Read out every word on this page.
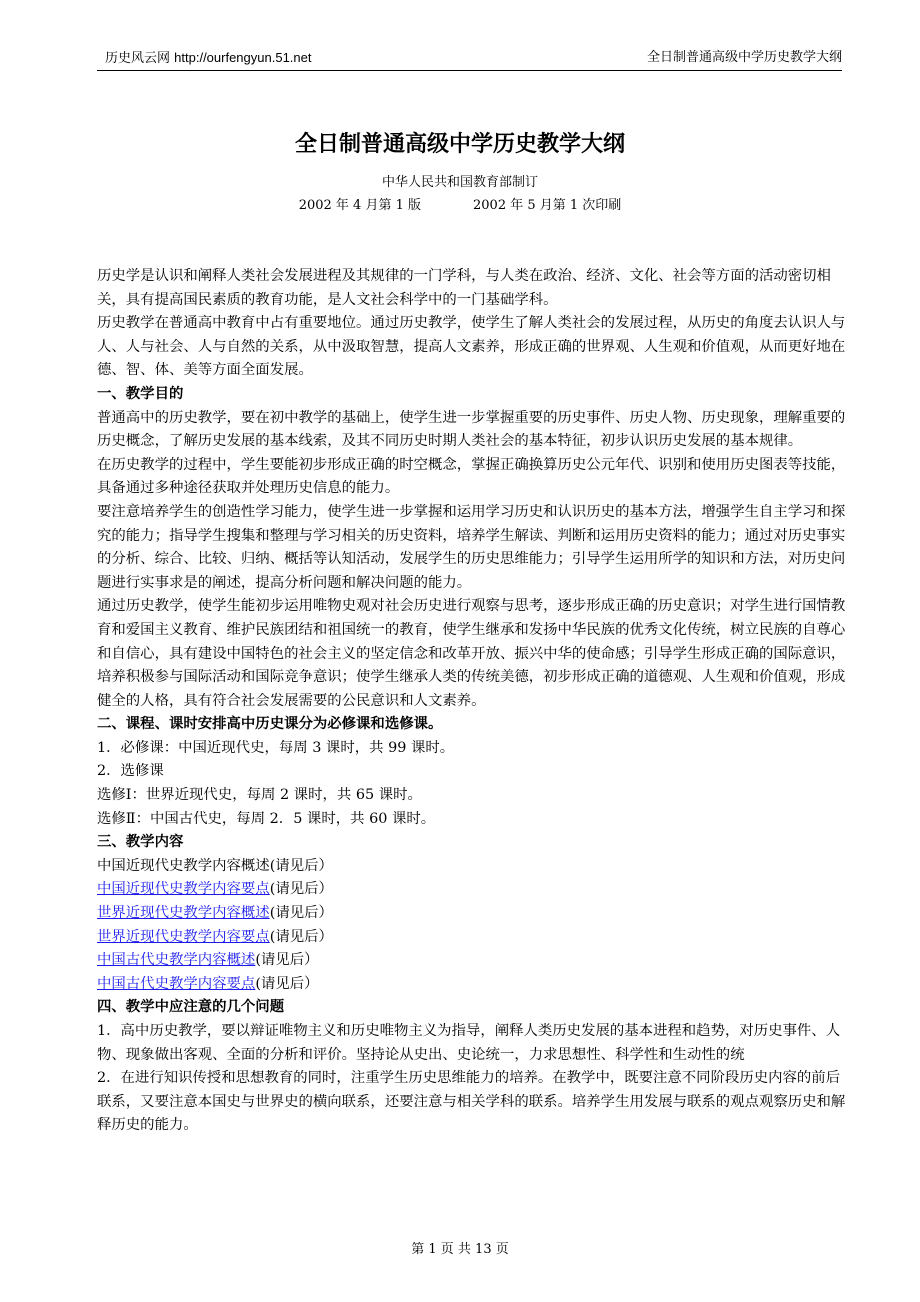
历史风云网 http://ourfengyun.51.net	全日制普通高级中学历史教学大纲
全日制普通高级中学历史教学大纲
中华人民共和国教育部制订
2002 年 4 月第 1 版	2002 年 5 月第 1 次印刷

历史学是认识和阐释人类社会发展进程及其规律的一门学科，与人类在政治、经济、文化、社会等方面的活动密切相关，具有提高国民素质的教育功能，是人文社会科学中的一门基础学科。

历史教学在普通高中教育中占有重要地位。通过历史教学，使学生了解人类社会的发展过程，从历史的角度去认识人与人、人与社会、人与自然的关系，从中汲取智慧，提高人文素养，形成正确的世界观、人生观和价值观，从而更好地在德、智、体、美等方面全面发展。

一、教学目的

普通高中的历史教学，要在初中教学的基础上，使学生进一步掌握重要的历史事件、历史人物、历史现象，理解重要的历史概念，了解历史发展的基本线索，及其不同历史时期人类社会的基本特征，初步认识历史发展的基本规律。

在历史教学的过程中，学生要能初步形成正确的时空概念，掌握正确换算历史公元年代、识别和使用历史图表等技能，具备通过多种途径获取并处理历史信息的能力。

要注意培养学生的创造性学习能力，使学生进一步掌握和运用学习历史和认识历史的基本方法，增强学生自主学习和探究的能力；指导学生搜集和整理与学习相关的历史资料，培养学生解读、判断和运用历史资料的能力；通过对历史事实的分析、综合、比较、归纳、概括等认知活动，发展学生的历史思维能力；引导学生运用所学的知识和方法，对历史问题进行实事求是的阐述，提高分析问题和解决问题的能力。

通过历史教学，使学生能初步运用唯物史观对社会历史进行观察与思考，逐步形成正确的历史意识；对学生进行国情教育和爱国主义教育、维护民族团结和祖国统一的教育，使学生继承和发扬中华民族的优秀文化传统，树立民族的自尊心和自信心，具有建设中国特色的社会主义的坚定信念和改革开放、振兴中华的使命感；引导学生形成正确的国际意识，培养积极参与国际活动和国际竞争意识；使学生继承人类的传统美德，初步形成正确的道德观、人生观和价值观，形成健全的人格，具有符合社会发展需要的公民意识和人文素养。

二、课程、课时安排高中历史课分为必修课和选修课。

1．必修课：中国近现代史，每周 3 课时，共 99 课时。

2．选修课

选修Ⅰ：世界近现代史，每周 2 课时，共 65 课时。

选修Ⅱ：中国古代史，每周 2．5 课时，共 60 课时。

三、教学内容

中国近现代史教学内容概述(请见后）

中国近现代史教学内容要点(请见后）

世界近现代史教学内容概述(请见后）

世界近现代史教学内容要点(请见后）

中国古代史教学内容概述(请见后）

中国古代史教学内容要点(请见后）

四、教学中应注意的几个问题

1．高中历史教学，要以辩证唯物主义和历史唯物主义为指导，阐释人类历史发展的基本进程和趋势，对历史事件、人物、现象做出客观、全面的分析和评价。坚持论从史出、史论统一，力求思想性、科学性和生动性的统

2．在进行知识传授和思想教育的同时，注重学生历史思维能力的培养。在教学中，既要注意不同阶段历史内容的前后联系，又要注意本国史与世界史的横向联系，还要注意与相关学科的联系。培养学生用发展与联系的观点观察历史和解释历史的能力。

第 1 页 共 13 页
